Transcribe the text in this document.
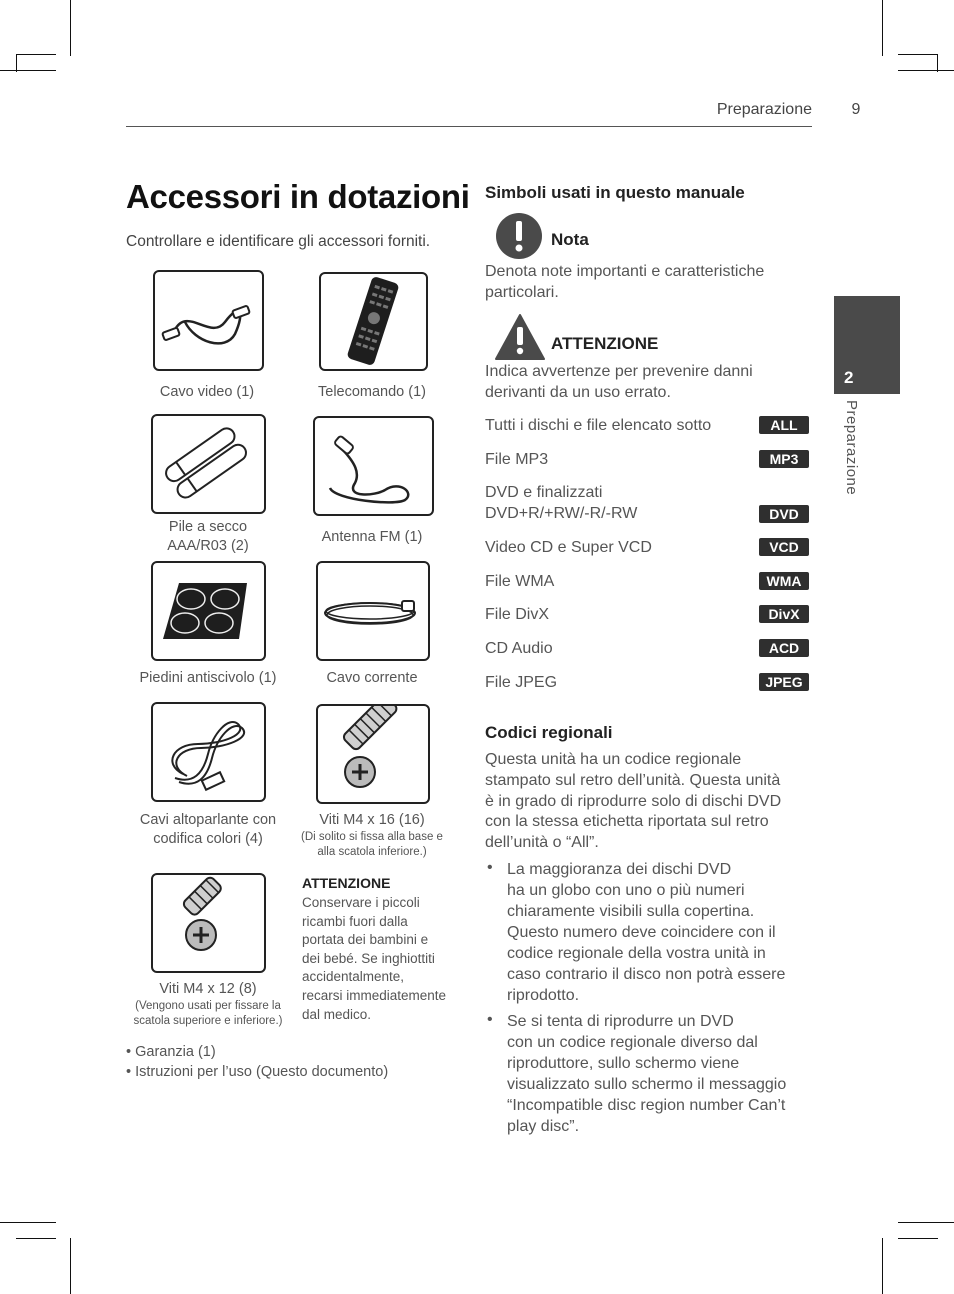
Preparazione	9
2
Preparazione
Accessori in dotazioni
Controllare e identificare gli accessori forniti.
Cavo video (1)	Telecomando (1)
Pile a secco
AAA/R03 (2)
Antenna FM (1)
Piedini antiscivolo (1)	Cavo corrente
Cavi altoparlante con
codifica colori (4)
Viti M4 x 16 (16)
(Di solito si fissa alla base e
alla scatola inferiore.)
Viti M4 x 12 (8)
(Vengono usati per fissare la
scatola superiore e inferiore.)
ATTENZIONE
Conservare i piccoli
ricambi fuori dalla
portata dei bambini e
dei bebé. Se inghiottiti
accidentalmente,
recarsi immediatemente
dal medico.
• Garanzia (1)
• Istruzioni per l’uso (Questo documento)
Simboli usati in questo manuale
Nota
Denota note importanti e caratteristiche
particolari.
ATTENZIONE
Indica avvertenze per prevenire danni
derivanti da un uso errato.
Tutti i dischi e file elencato sotto	ALL
File MP3	MP3
DVD e finalizzati
DVD+R/+RW/-R/-RW	DVD
Video CD e Super VCD	VCD
File WMA	WMA
File DivX	DivX
CD Audio	ACD
File JPEG	JPEG
Codici regionali
Questa unità ha un codice regionale
stampato sul retro dell’unità. Questa unità
è in grado di riprodurre solo di dischi DVD
con la stessa etichetta riportata sul retro
dell’unità o “All”.
• La maggioranza dei dischi DVD
ha un globo con uno o più numeri
chiaramente visibili sulla copertina.
Questo numero deve coincidere con il
codice regionale della vostra unità in
caso contrario il disco non potrà essere
riprodotto.
• Se si tenta di riprodurre un DVD
con un codice regionale diverso dal
riproduttore, sullo schermo viene
visualizzato sullo schermo il messaggio
“Incompatible disc region number Can’t
play disc”.
